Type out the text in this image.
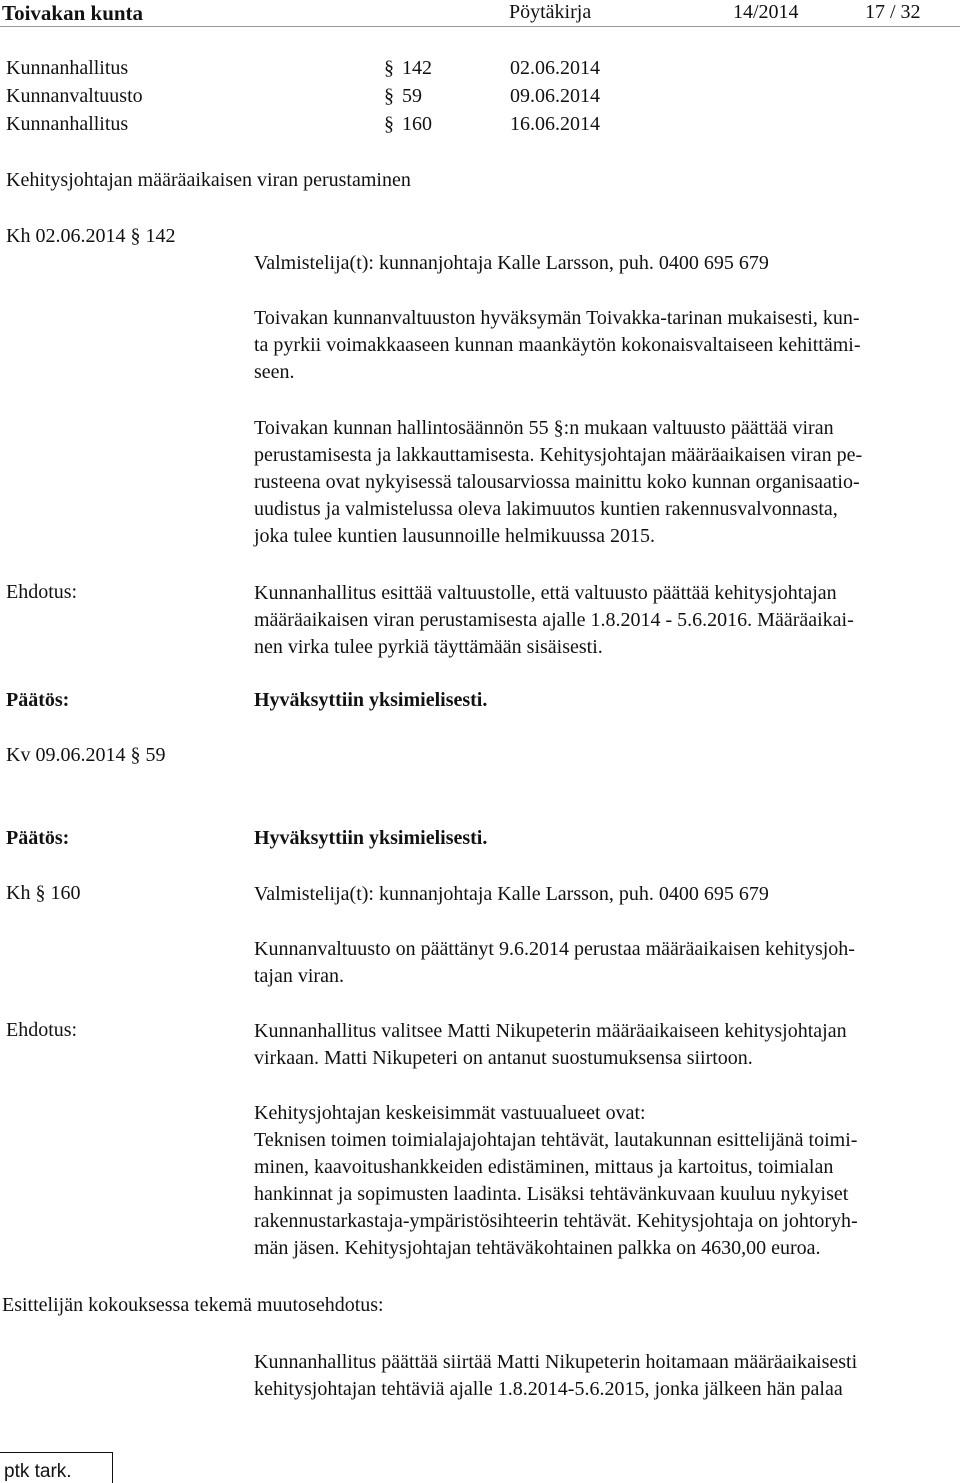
Toivakan kunta	Pöytäkirja	14/2014	17 / 32
Kunnanhallitus	§ 142	02.06.2014
Kunnanvaltuusto	§ 59	09.06.2014
Kunnanhallitus	§ 160	16.06.2014
Kehitysjohtajan määräaikaisen viran perustaminen
Kh 02.06.2014 § 142

Valmistelija(t): kunnanjohtaja Kalle Larsson, puh. 0400 695 679

Toivakan kunnanvaltuuston hyväksymän Toivakka-tarinan mukaisesti, kun-

ta pyrkii voimakkaaseen kunnan maankäytön kokonaisvaltaiseen kehittämi-

seen.

Toivakan kunnan hallintosäännön 55 §:n mukaan valtuusto päättää viran

perustamisesta ja lakkauttamisesta. Kehitysjohtajan määräaikaisen viran pe-

rusteena ovat nykyisessä talousarviossa mainittu koko kunnan organisaatio-

uudistus ja valmistelussa oleva lakimuutos kuntien rakennusvalvonnasta,

joka tulee kuntien lausunnoille helmikuussa 2015.

Ehdotus:	Kunnanhallitus esittää valtuustolle, että valtuusto päättää kehitysjohtajan

määräaikaisen viran perustamisesta ajalle 1.8.2014 - 5.6.2016. Määräaikai-

nen virka tulee pyrkiä täyttämään sisäisesti.

Päätös:	Hyväksyttiin yksimielisesti.
Kv 09.06.2014 § 59
Päätös:	Hyväksyttiin yksimielisesti.
Kh § 160	Valmistelija(t): kunnanjohtaja Kalle Larsson, puh. 0400 695 679

Kunnanvaltuusto on päättänyt 9.6.2014 perustaa määräaikaisen kehitysjoh-

tajan viran.

Ehdotus:	Kunnanhallitus valitsee Matti Nikupeterin määräaikaiseen kehitysjohtajan

virkaan. Matti Nikupeteri on antanut suostumuksensa siirtoon.

Kehitysjohtajan keskeisimmät vastuualueet ovat:

Teknisen toimen toimialajajohtajan tehtävät, lautakunnan esittelijänä toimi-

minen, kaavoitushankkeiden edistäminen, mittaus ja kartoitus, toimialan

hankinnat ja sopimusten laadinta. Lisäksi tehtävänkuvaan kuuluu nykyiset

rakennustarkastaja-ympäristösihteerin tehtävät. Kehitysjohtaja on johtoryh-

män jäsen. Kehitysjohtajan tehtäväkohtainen palkka on 4630,00 euroa.

Esittelijän kokouksessa tekemä muutosehdotus:

Kunnanhallitus päättää siirtää Matti Nikupeterin hoitamaan määräaikaisesti

kehitysjohtajan tehtäviä ajalle 1.8.2014-5.6.2015, jonka jälkeen hän palaa

ptk tark.
